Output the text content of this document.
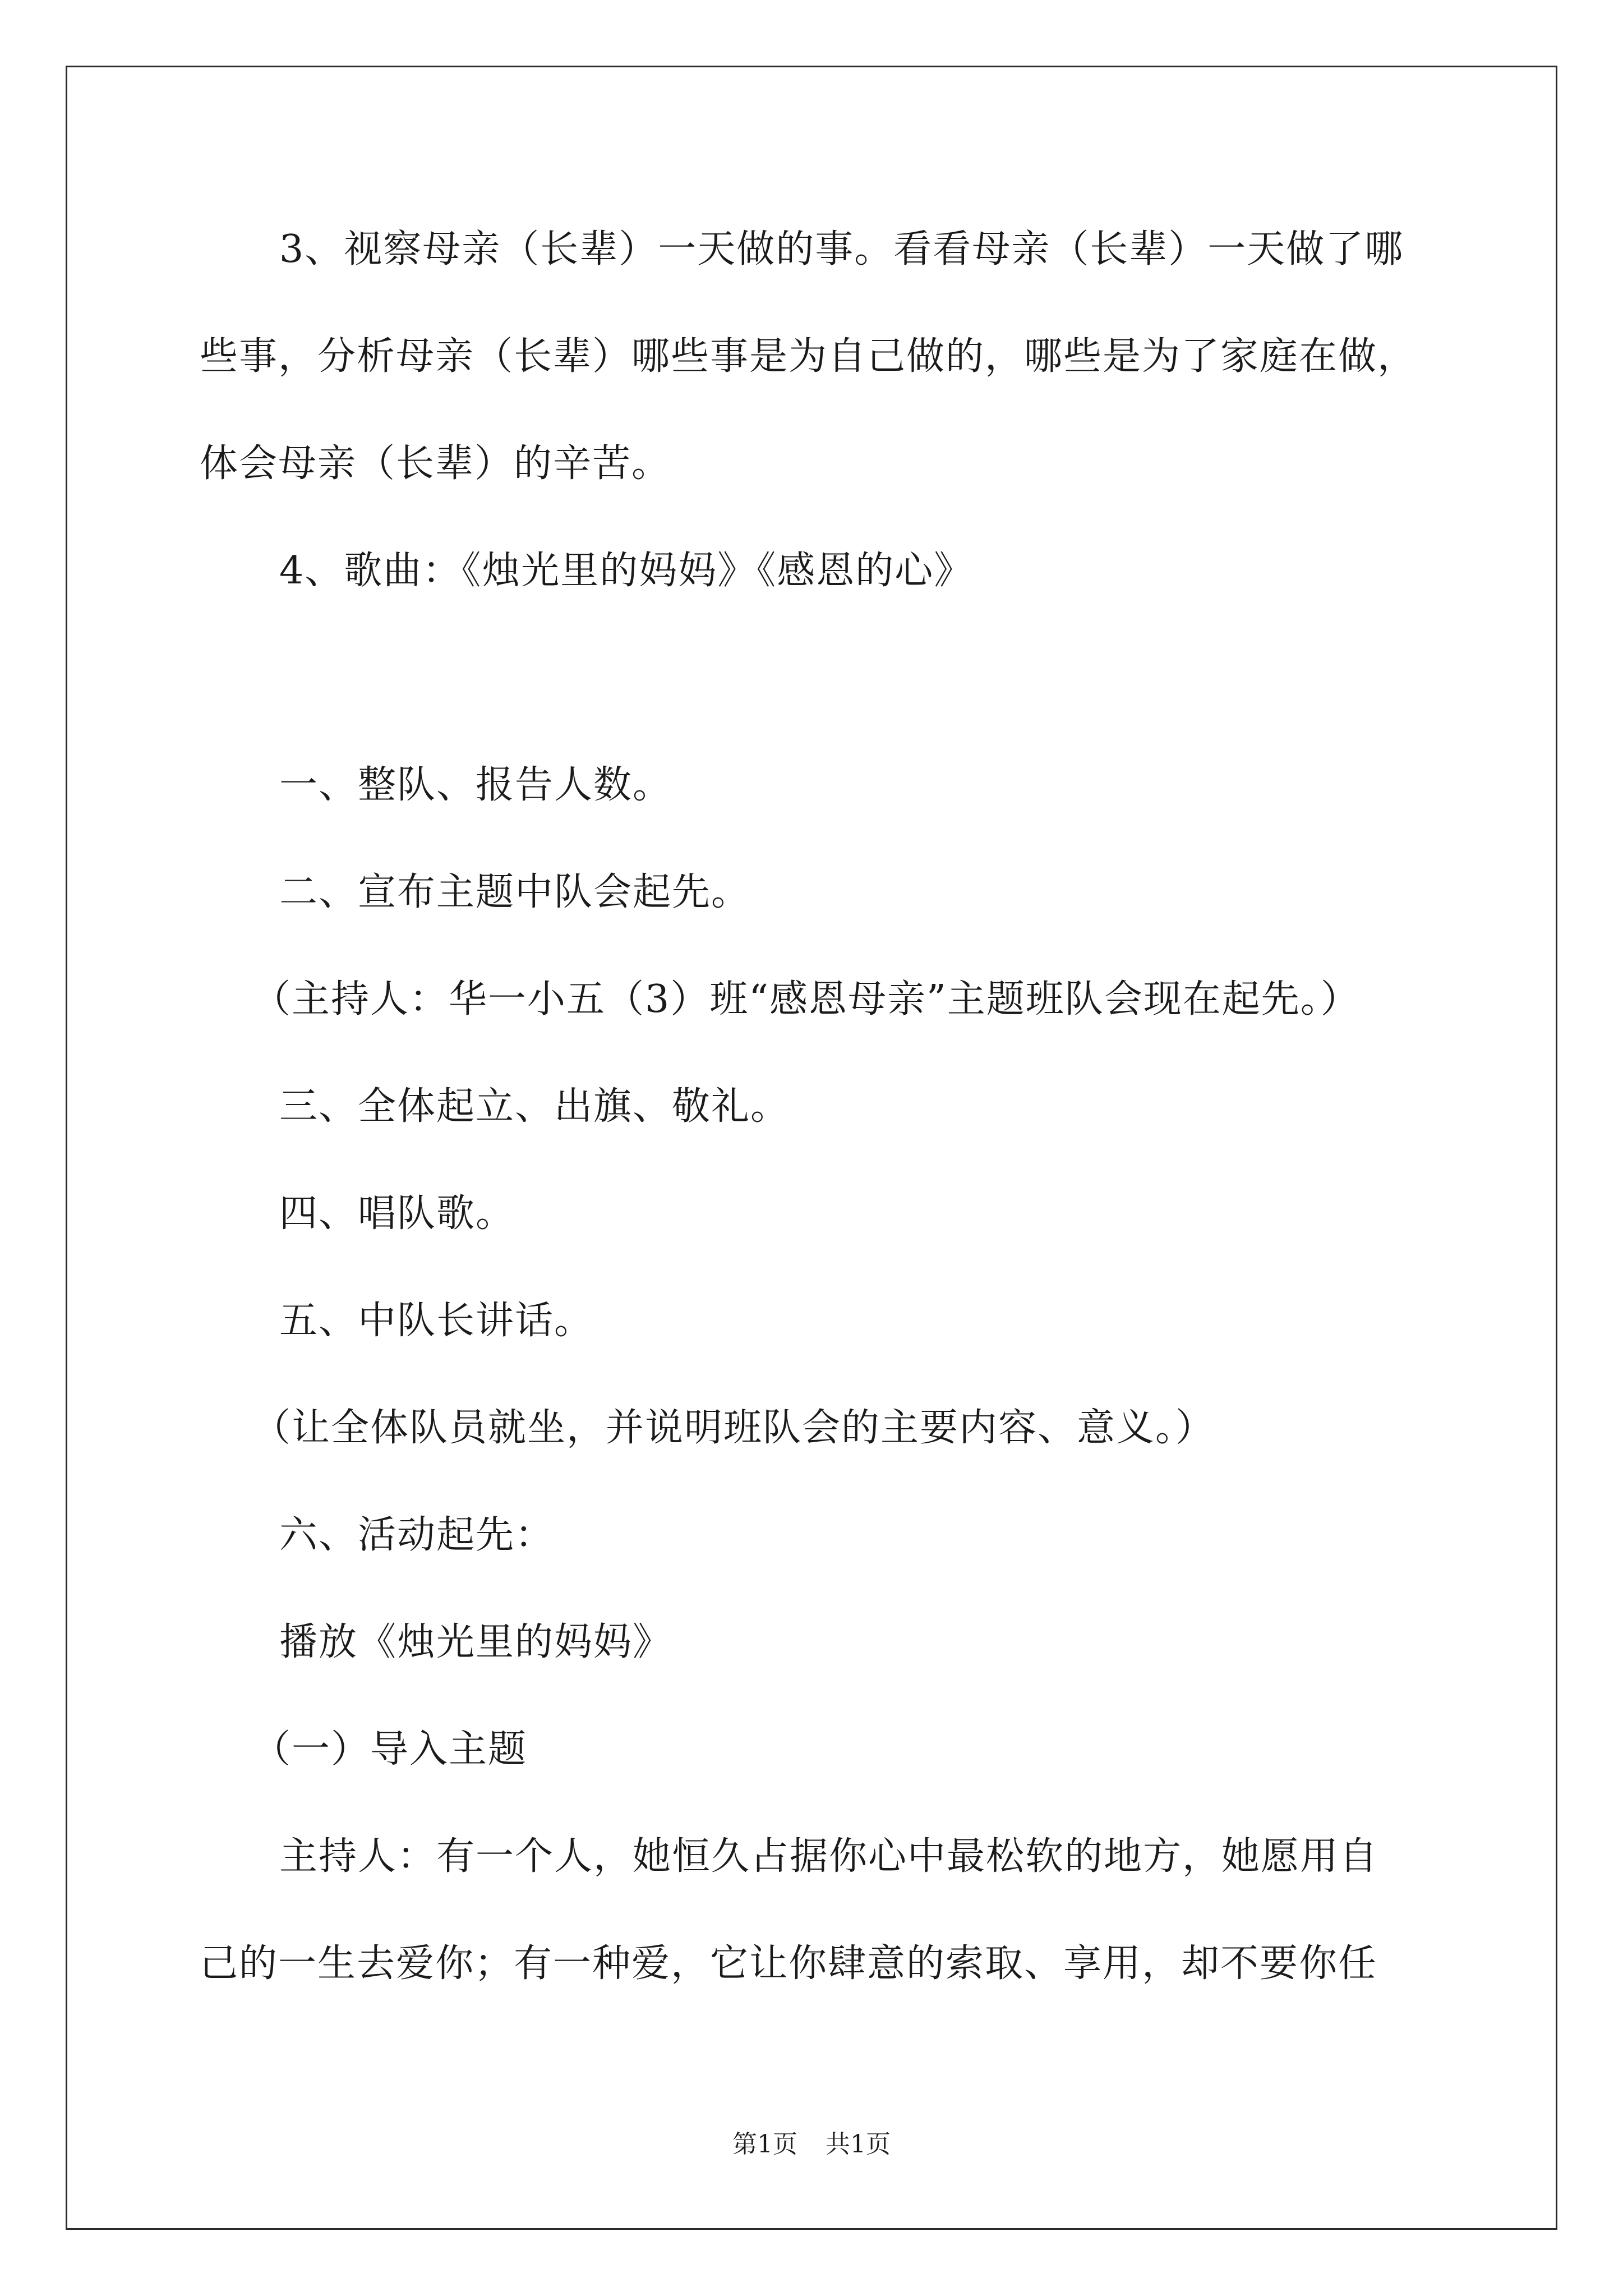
3、视察母亲（长辈）一天做的事。看看母亲（长辈）一天做了哪
些事，分析母亲（长辈）哪些事是为自己做的，哪些是为了家庭在做，
体会母亲（长辈）的辛苦。
4、歌曲：《烛光里的妈妈》《感恩的心》
一、整队、报告人数。
二、宣布主题中队会起先。
（主持人：华一小五（3）班“感恩母亲”主题班队会现在起先。）
三、全体起立、出旗、敬礼。
四、唱队歌。
五、中队长讲话。
（让全体队员就坐，并说明班队会的主要内容、意义。）
六、活动起先：
播放《烛光里的妈妈》
（一）导入主题
主持人：有一个人，她恒久占据你心中最松软的地方，她愿用自
己的一生去爱你；有一种爱，它让你肆意的索取、享用，却不要你任
第1页 共1页
